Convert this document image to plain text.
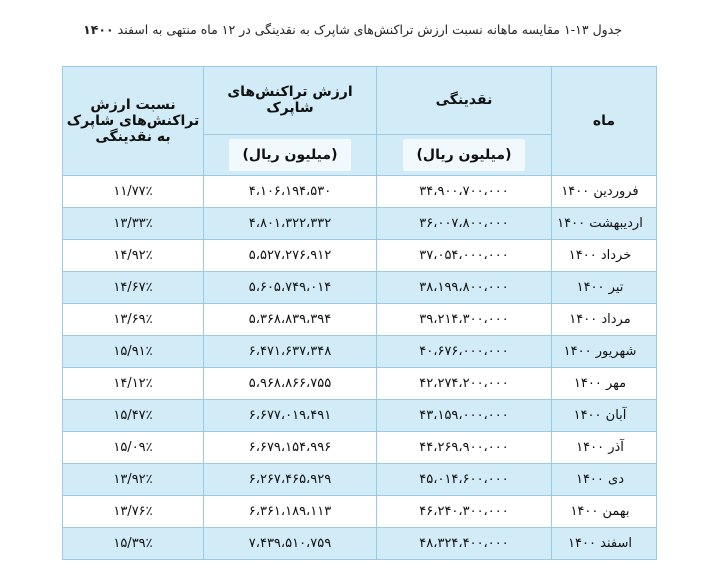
جدول ۱۳-۱ مقایسه ماهانه نسبت ارزش تراکنش‌های شاپرک به نقدینگی در ۱۲ ماه منتهی به اسفند ۱۴۰۰
ماه	نقدینگی	ارزش تراکنش‌های شاپرک	نسبت ارزش تراکنش‌های شاپرک به نقدینگی
	(میلیون ریال)	(میلیون ریال)	
فروردین ۱۴۰۰	۳۴،۹۰۰،۷۰۰،۰۰۰	۴،۱۰۶،۱۹۴،۵۳۰	۱۱/۷۷٪
اردیبهشت ۱۴۰۰	۳۶،۰۰۷،۸۰۰،۰۰۰	۴،۸۰۱،۳۲۲،۳۳۲	۱۳/۳۳٪
خرداد ۱۴۰۰	۳۷،۰۵۴،۰۰۰،۰۰۰	۵،۵۲۷،۲۷۶،۹۱۲	۱۴/۹۲٪
تیر ۱۴۰۰	۳۸،۱۹۹،۸۰۰،۰۰۰	۵،۶۰۵،۷۴۹،۰۱۴	۱۴/۶۷٪
مرداد ۱۴۰۰	۳۹،۲۱۴،۳۰۰،۰۰۰	۵،۳۶۸،۸۳۹،۳۹۴	۱۳/۶۹٪
شهریور ۱۴۰۰	۴۰،۶۷۶،۰۰۰،۰۰۰	۶،۴۷۱،۶۳۷،۳۴۸	۱۵/۹۱٪
مهر ۱۴۰۰	۴۲،۲۷۴،۲۰۰،۰۰۰	۵،۹۶۸،۸۶۶،۷۵۵	۱۴/۱۲٪
آبان ۱۴۰۰	۴۳،۱۵۹،۰۰۰،۰۰۰	۶،۶۷۷،۰۱۹،۴۹۱	۱۵/۴۷٪
آذر ۱۴۰۰	۴۴،۲۶۹،۹۰۰،۰۰۰	۶،۶۷۹،۱۵۴،۹۹۶	۱۵/۰۹٪
دی ۱۴۰۰	۴۵،۰۱۴،۶۰۰،۰۰۰	۶،۲۶۷،۴۶۵،۹۲۹	۱۳/۹۲٪
بهمن ۱۴۰۰	۴۶،۲۴۰،۳۰۰،۰۰۰	۶،۳۶۱،۱۸۹،۱۱۳	۱۳/۷۶٪
اسفند ۱۴۰۰	۴۸،۳۲۴،۴۰۰،۰۰۰	۷،۴۳۹،۵۱۰،۷۵۹	۱۵/۳۹٪
